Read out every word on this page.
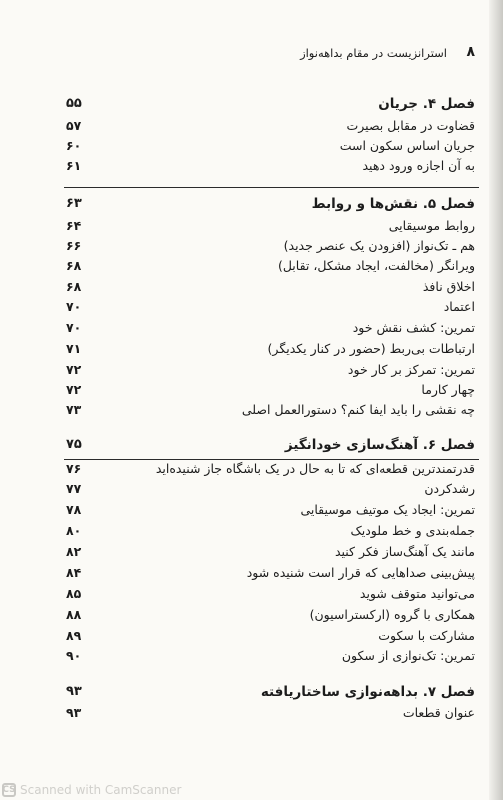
۸
استرانزیست در مقام بداهه‌نواز
فصل ۴. جریان
۵۵
قضاوت در مقابل بصیرت
۵۷
جریان اساس سکون است
۶۰
به آن اجازه ورود دهید
۶۱
فصل ۵. نقش‌ها و روابط
۶۳
روابط موسیقایی
۶۴
هم ـ تک‌نواز (افزودن یک عنصر جدید)
۶۶
ویرانگر (مخالفت، ایجاد مشکل، تقابل)
۶۸
اخلاق نافذ
۶۸
اعتماد
۷۰
تمرین: کشف نقش خود
۷۰
ارتباطات بی‌ربط (حضور در کنار یکدیگر)
۷۱
تمرین: تمرکز بر کار خود
۷۲
چهار کارما
۷۲
چه نقشی را باید ایفا کنم؟ دستورالعمل اصلی
۷۳
فصل ۶. آهنگ‌سازی خودانگیز
۷۵
قدرتمندترین قطعه‌ای که تا به حال در یک باشگاه جاز شنیده‌اید
۷۶
رشدکردن
۷۷
تمرین: ایجاد یک موتیف موسیقایی
۷۸
جمله‌بندی و خط ملودیک
۸۰
مانند یک آهنگ‌ساز فکر کنید
۸۲
پیش‌بینی صداهایی که قرار است شنیده شود
۸۴
می‌توانید متوقف شوید
۸۵
همکاری با گروه (ارکستراسیون)
۸۸
مشارکت با سکوت
۸۹
تمرین: تک‌نوازی از سکون
۹۰
فصل ۷. بداهه‌نوازی ساختاریافته
۹۳
عنوان قطعات
۹۳
CS Scanned with CamScanner
